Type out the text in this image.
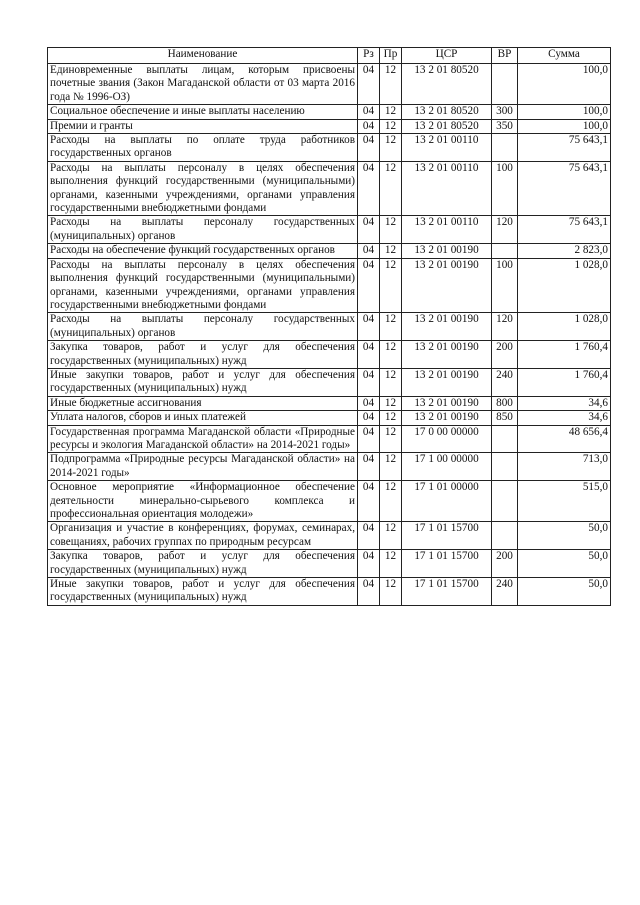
Наименование	Рз	Пр	ЦСР	ВР	Сумма
Единовременные выплаты лицам, которым присвоены почетные звания (Закон Магаданской области от 03 марта 2016 года № 1996-ОЗ)	04	12	13 2 01 80520		100,0
Социальное обеспечение и иные выплаты населению	04	12	13 2 01 80520	300	100,0
Премии и гранты	04	12	13 2 01 80520	350	100,0
Расходы на выплаты по оплате труда работников государственных органов	04	12	13 2 01 00110		75 643,1
Расходы на выплаты персоналу в целях обеспечения выполнения функций государственными (муниципальными) органами, казенными учреждениями, органами управления государственными внебюджетными фондами	04	12	13 2 01 00110	100	75 643,1
Расходы на выплаты персоналу государственных (муниципальных) органов	04	12	13 2 01 00110	120	75 643,1
Расходы на обеспечение функций государственных органов	04	12	13 2 01 00190		2 823,0
Расходы на выплаты персоналу в целях обеспечения выполнения функций государственными (муниципальными) органами, казенными учреждениями, органами управления государственными внебюджетными фондами	04	12	13 2 01 00190	100	1 028,0
Расходы на выплаты персоналу государственных (муниципальных) органов	04	12	13 2 01 00190	120	1 028,0
Закупка товаров, работ и услуг для обеспечения государственных (муниципальных) нужд	04	12	13 2 01 00190	200	1 760,4
Иные закупки товаров, работ и услуг для обеспечения государственных (муниципальных) нужд	04	12	13 2 01 00190	240	1 760,4
Иные бюджетные ассигнования	04	12	13 2 01 00190	800	34,6
Уплата налогов, сборов и иных платежей	04	12	13 2 01 00190	850	34,6
Государственная программа Магаданской области «Природные ресурсы и экология Магаданской области» на 2014-2021 годы»	04	12	17 0 00 00000		48 656,4
Подпрограмма «Природные ресурсы Магаданской области» на 2014-2021 годы»	04	12	17 1 00 00000		713,0
Основное мероприятие «Информационное обеспечение деятельности минерально-сырьевого комплекса и профессиональная ориентация молодежи»	04	12	17 1 01 00000		515,0
Организация и участие в конференциях, форумах, семинарах, совещаниях, рабочих группах по природным ресурсам	04	12	17 1 01 15700		50,0
Закупка товаров, работ и услуг для обеспечения государственных (муниципальных) нужд	04	12	17 1 01 15700	200	50,0
Иные закупки товаров, работ и услуг для обеспечения государственных (муниципальных) нужд	04	12	17 1 01 15700	240	50,0
